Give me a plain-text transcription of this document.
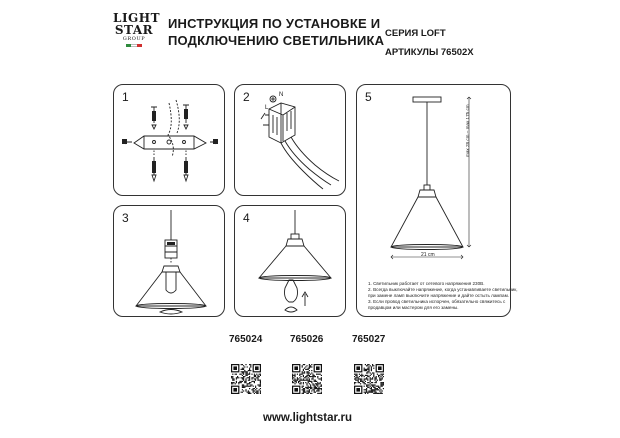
LIGHT
STAR
GROUP
ИНСТРУКЦИЯ ПО УСТАНОВКЕ И
ПОДКЛЮЧЕНИЮ СВЕТИЛЬНИКА СЕРИЯ LOFT
АРТИКУЛЫ 76502X
1	2	N
L
3	4
5
max 28 cm – max 175 cm
21 cm
1. Светильник работает от сетевого напряжения 230В.
2. Всегда выключайте напряжение, когда устанавливаете светильник, при замене ламп выключите напряжение и дайте остыть лампам.
3. Если провод светильника испорчен, обязательно свяжитесь с продавцом или мастером для его замены.
765024	765026	765027
www.lightstar.ru
